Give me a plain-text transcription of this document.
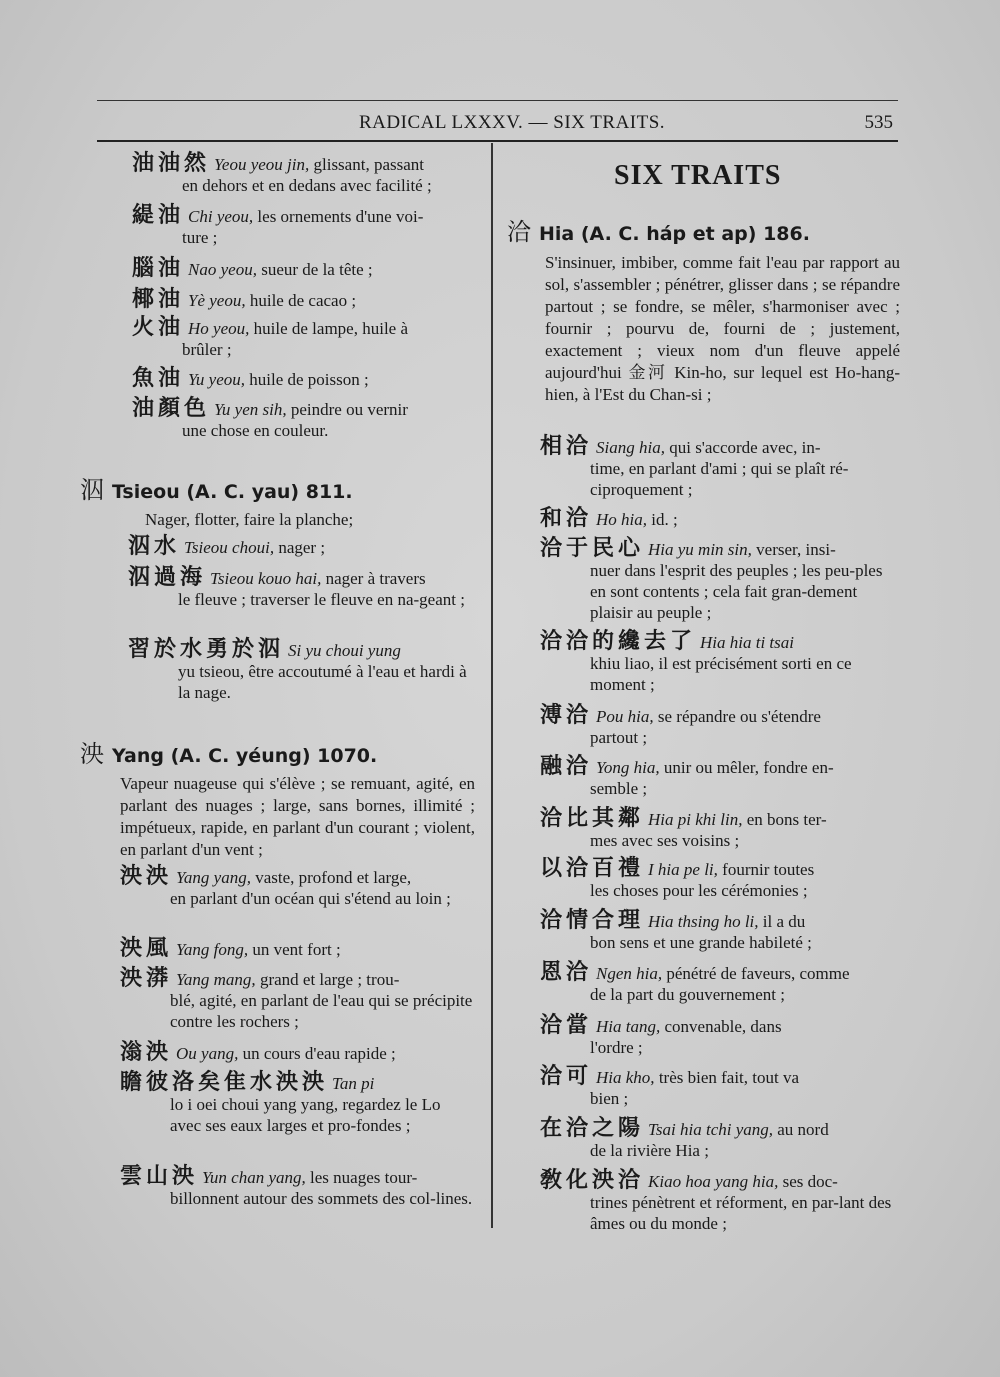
RADICAL LXXXV. — SIX TRAITS.	535
油油然 Yeou yeou jin, glissant, passant
en dehors et en dedans avec facilité ;
緹油 Chi yeou, les ornements d'une voi-
ture ;
腦油 Nao yeou, sueur de la tête ;
椰油 Yè yeou, huile de cacao ;
火油 Ho yeou, huile de lampe, huile à
brûler ;
魚油 Yu yeou, huile de poisson ;
油顏色 Yu yen sih, peindre ou vernir
une chose en couleur.
泅 Tsieou (A. C. yau) 811.
Nager, flotter, faire la planche;
泅水 Tsieou choui, nager ;
泅過海 Tsieou kouo hai, nager à travers
le fleuve ; traverser le fleuve en na-geant ;
習於水勇於泅 Si yu choui yung
yu tsieou, être accoutumé à l'eau et hardi à la nage.
泱 Yang (A. C. yéung) 1070.
Vapeur nuageuse qui s'élève ; se remuant, agité, en parlant des nuages ; large, sans bornes, illimité ; impétueux, rapide, en parlant d'un courant ; violent, en parlant d'un vent ;
泱泱 Yang yang, vaste, profond et large,
en parlant d'un océan qui s'étend au loin ;
泱風 Yang fong, un vent fort ;
泱漭 Yang mang, grand et large ; trou-
blé, agité, en parlant de l'eau qui se précipite contre les rochers ;
滃泱 Ou yang, un cours d'eau rapide ;
瞻彼洛矣隹水泱泱 Tan pi
lo i oei choui yang yang, regardez le Lo avec ses eaux larges et pro-fondes ;
雲山泱 Yun chan yang, les nuages tour-
billonnent autour des sommets des col-lines.
SIX TRAITS
洽 Hia (A. C. háp et ap) 186.
S'insinuer, imbiber, comme fait l'eau par rapport au sol, s'assembler ; pénétrer, glisser dans ; se répandre partout ; se fondre, se mêler, s'harmoniser avec ; fournir ; pourvu de, fourni de ; justement, exactement ; vieux nom d'un fleuve appelé aujourd'hui 金河 Kin-ho, sur lequel est Ho-hang-hien, à l'Est du Chan-si ;
相洽 Siang hia, qui s'accorde avec, in-
time, en parlant d'ami ; qui se plaît ré-ciproquement ;
和洽 Ho hia, id. ;
洽于民心 Hia yu min sin, verser, insi-
nuer dans l'esprit des peuples ; les peu-ples en sont contents ; cela fait gran-dement plaisir au peuple ;
洽洽的纔去了 Hia hia ti tsai
khiu liao, il est précisément sorti en ce moment ;
溥洽 Pou hia, se répandre ou s'étendre
partout ;
融洽 Yong hia, unir ou mêler, fondre en-
semble ;
洽比其鄰 Hia pi khi lin, en bons ter-
mes avec ses voisins ;
以洽百禮 I hia pe li, fournir toutes
les choses pour les cérémonies ;
洽情合理 Hia thsing ho li, il a du
bon sens et une grande habileté ;
恩洽 Ngen hia, pénétré de faveurs, comme
de la part du gouvernement ;
洽當 Hia tang, convenable, dans
l'ordre ;
洽可 Hia kho, très bien fait, tout va
bien ;
在洽之陽 Tsai hia tchi yang, au nord
de la rivière Hia ;
敎化泱洽 Kiao hoa yang hia, ses doc-
trines pénètrent et réforment, en par-lant des âmes ou du monde ;
